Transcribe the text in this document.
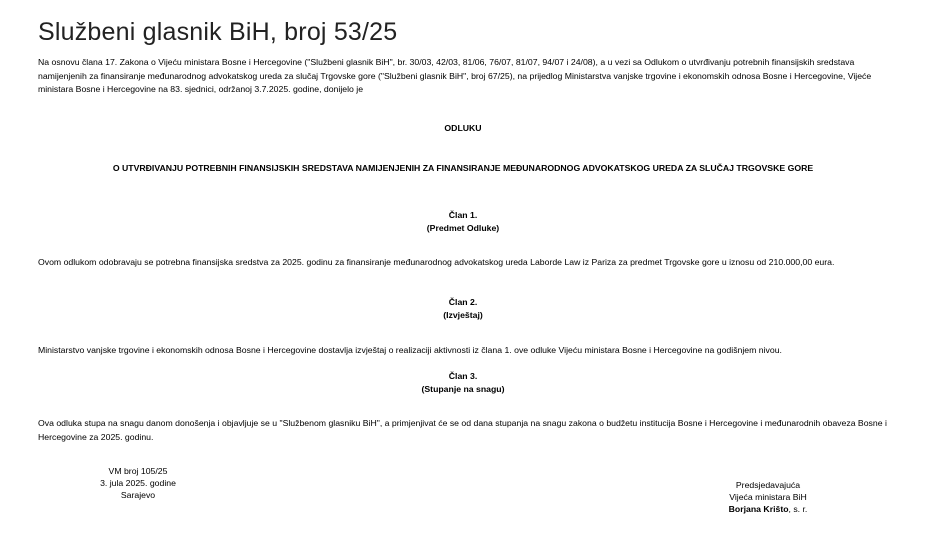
Službeni glasnik BiH, broj 53/25
Na osnovu člana 17. Zakona o Vijeću ministara Bosne i Hercegovine ("Službeni glasnik BiH", br. 30/03, 42/03, 81/06, 76/07, 81/07, 94/07 i 24/08), a u vezi sa Odlukom o utvrđivanju potrebnih finansijskih sredstava namijenjenih za finansiranje međunarodnog advokatskog ureda za slučaj Trgovske gore ("Službeni glasnik BiH", broj 67/25), na prijedlog Ministarstva vanjske trgovine i ekonomskih odnosa Bosne i Hercegovine, Vijeće ministara Bosne i Hercegovine na 83. sjednici, održanoj 3.7.2025. godine, donijelo je
ODLUKU
O UTVRĐIVANJU POTREBNIH FINANSIJSKIH SREDSTAVA NAMIJENJENIH ZA FINANSIRANJE MEĐUNARODNOG ADVOKATSKOG UREDA ZA SLUČAJ TRGOVSKE GORE
Član 1.
(Predmet Odluke)
Ovom odlukom odobravaju se potrebna finansijska sredstva za 2025. godinu za finansiranje međunarodnog advokatskog ureda Laborde Law iz Pariza za predmet Trgovske gore u iznosu od 210.000,00 eura.
Član 2.
(Izvještaj)
Ministarstvo vanjske trgovine i ekonomskih odnosa Bosne i Hercegovine dostavlja izvještaj o realizaciji aktivnosti iz člana 1. ove odluke Vijeću ministara Bosne i Hercegovine na godišnjem nivou.
Član 3.
(Stupanje na snagu)
Ova odluka stupa na snagu danom donošenja i objavljuje se u "Službenom glasniku BiH", a primjenjivat će se od dana stupanja na snagu zakona o budžetu institucija Bosne i Hercegovine i međunarodnih obaveza Bosne i Hercegovine za 2025. godinu.
VM broj 105/25
3. jula 2025. godine
Sarajevo
Predsjedavajuća
Vijeća ministara BiH
Borjana Krišto, s. r.
